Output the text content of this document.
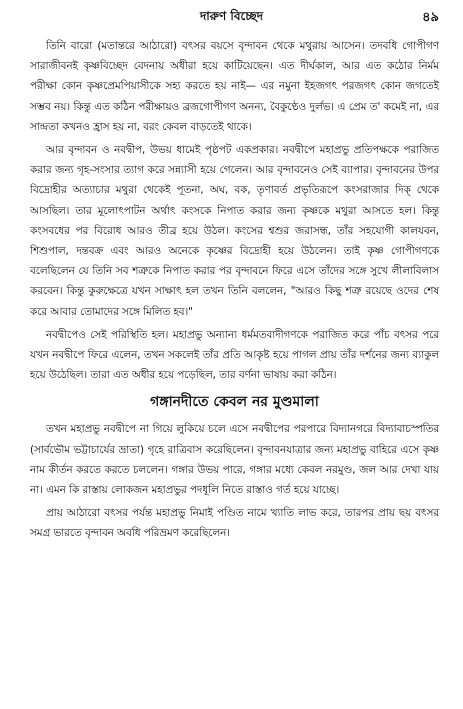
দারুণ বিচ্ছেদ	৪৯

তিনি বারো (মতান্তরে আঠারো) বৎসর বয়সে বৃন্দাবন থেকে মথুরায় আসেন। তদবধি গোপীগণ সারাজীবনই কৃষ্ণবিচ্ছেদ বেদনায় অধীরা হয়ে কাটিয়েছেন। এত দীর্ঘকাল, আর এত কঠোর নির্মম পরীক্ষা কোন কৃষ্ণপ্রেমপিয়াসীকে সহ্য করতে হয় নাই— এর নমুনা ইহজগৎ পরজগৎ কোন জগতেই সম্ভব নয়। কিন্তু এত কঠিন পরীক্ষায়ও ব্রজগোপীগণ অনন্য, বৈকুণ্ঠেও দুর্লভ। এ প্রেম ত' কমেই না, এর সান্দ্রতা কখনও হ্রাস হয় না, বরং কেবল বাড়তেই থাকে।

আর বৃন্দাবন ও নবদ্বীপ, উভয় ধামেই পৃষ্ঠপট একপ্রকার। নবদ্বীপে মহাপ্রভু প্রতিপক্ষকে পরাজিত করার জন্য গৃহ-সংসার ত্যাগ করে সন্ন্যাসী হয়ে গেলেন। আর বৃন্দাবনেও সেই ব্যাপার। বৃন্দাবনের উপর বিদ্রোহীর অত্যাচার মথুরা থেকেই পূতনা, অঘ, বক, তৃণাবর্ত প্রভৃতিরূপে কংসরাজার দিক্ থেকে আসছিল। তার মূলোৎপাটন অর্থাৎ কংসকে নিপাত করার জন্য কৃষ্ণকে মথুরা আসতে হল। কিন্তু কংসবধের পর বিরোধ আরও তীব্র হয়ে উঠল। কংসের শ্বশুর জরাসন্ধ, তাঁর সহযোগী কালযবন, শিশুপাল, দন্তবক্র এবং আরও অনেকে কৃষ্ণের বিদ্রোহী হয়ে উঠলেন। তাই কৃষ্ণ গোপীগণকে বলেছিলেন যে তিনি সব শত্রুকে নিপাত করার পর বৃন্দাবনে ফিরে এসে তাঁদের সঙ্গে সুখে লীলাবিলাস করবেন। কিন্তু কুরুক্ষেত্রে যখন সাক্ষাৎ হল তখন তিনি বললেন, "আরও কিছু শত্রু রয়েছে ওদের শেষ করে আবার তোমাদের সঙ্গে মিলিত হব।"

নবদ্বীপেও সেই পরিস্থিতি হল। মহাপ্রভু অন্যান্য ধর্মমতবাদীগণকে পরাজিত করে পাঁচ বৎসর পরে যখন নবদ্বীপে ফিরে এলেন, তখন সকলেই তাঁর প্রতি আকৃষ্ট হয়ে পাগল প্রায় তাঁর দর্শনের জন্য ব্যাকুল হয়ে উঠেছিল। তারা এত অধীর হয়ে পড়েছিল, তার বর্ণনা ভাষায় করা কঠিন।

গঙ্গানদীতে কেবল নর মুণ্ডমালা

তখন মহাপ্রভু নবদ্বীপে না গিয়ে লুকিয়ে চলে এসে নবদ্বীপের পরপারে বিদ্যানগরে বিদ্যাবাচস্পতির (সার্বভৌম ভট্টাচার্যের ভ্রাতা) গৃহে রাত্রিবাস করেছিলেন। বৃন্দাবনযাত্রার জন্য মহাপ্রভু বাহিরে এসে কৃষ্ণ নাম কীর্তন করতে করতে চললেন। গঙ্গার উভয় পারে, গঙ্গার মধ্যে কেবল নরমুণ্ড, জল আর দেখা যায় না। এমন কি রাস্তায় লোকজন মহাপ্রভুর পদধূলি নিতে রাস্তাও গর্ত হয়ে যাচ্ছে।

প্রায় আঠারো বৎসর পর্যন্ত মহাপ্রভু নিমাই পণ্ডিত নামে খ্যাতি লাভ করে, তারপর প্রায় ছয় বৎসর সমগ্র ভারতে বৃন্দাবন অবধি পরিভ্রমণ করেছিলেন।
